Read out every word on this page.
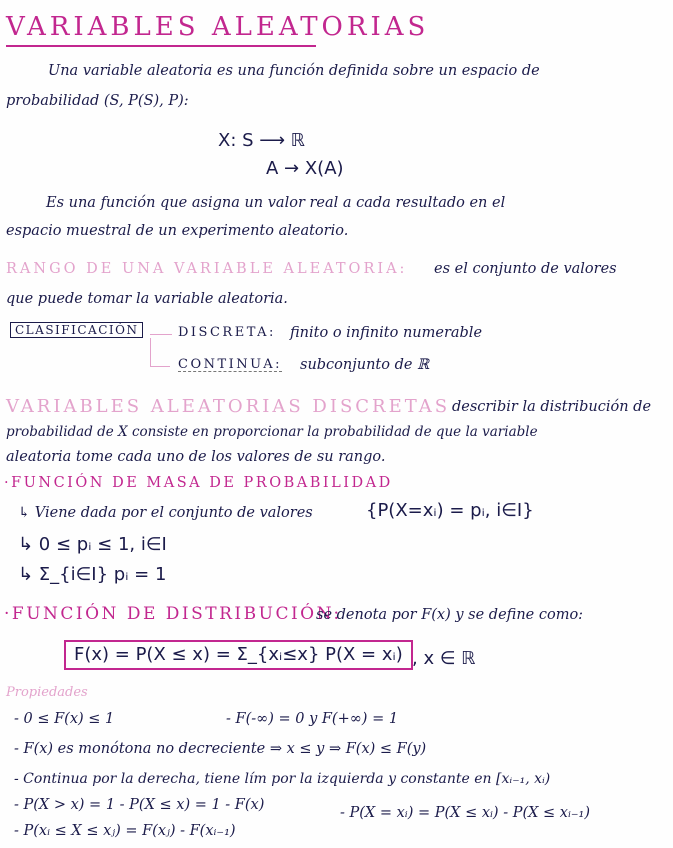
VARIABLES ALEATORIAS
Una variable aleatoria es una función definida sobre un espacio de
probabilidad (S, P(S), P):
X: S ⟶ ℝ
A → X(A)
Es una función que asigna un valor real a cada resultado en el
espacio muestral de un experimento aleatorio.
RANGO DE UNA VARIABLE ALEATORIA: es el conjunto de valores
que puede tomar la variable aleatoria.
CLASIFICACIÓN	DISCRETA: finito o infinito numerable
CONTINUA: subconjunto de ℝ
VARIABLES ALEATORIAS DISCRETAS describir la distribución de
probabilidad de X consiste en proporcionar la probabilidad de que la variable
aleatoria tome cada uno de los valores de su rango.
·FUNCIÓN DE MASA DE PROBABILIDAD
↳ Viene dada por el conjunto de valores	{P(X=xᵢ) = pᵢ, i∈I}
↳ 0 ≤ pᵢ ≤ 1, i∈I
↳ Σ_{i∈I} pᵢ = 1
·FUNCIÓN DE DISTRIBUCIÓN:
se denota por F(x) y se define como:
F(x) = P(X ≤ x) = Σ_{xᵢ≤x} P(X = xᵢ) , x ∈ ℝ
Propiedades
- 0 ≤ F(x) ≤ 1	- F(-∞) = 0 y F(+∞) = 1
- F(x) es monótona no decreciente ⇒ x ≤ y ⇒ F(x) ≤ F(y)
- Continua por la derecha, tiene lím por la izquierda y constante en [xᵢ₋₁, xᵢ)
- P(X > x) = 1 - P(X ≤ x) = 1 - F(x)	- P(X = xᵢ) = P(X ≤ xᵢ) - P(X ≤ xᵢ₋₁)
- P(xᵢ ≤ X ≤ xⱼ) = F(xⱼ) - F(xᵢ₋₁)
